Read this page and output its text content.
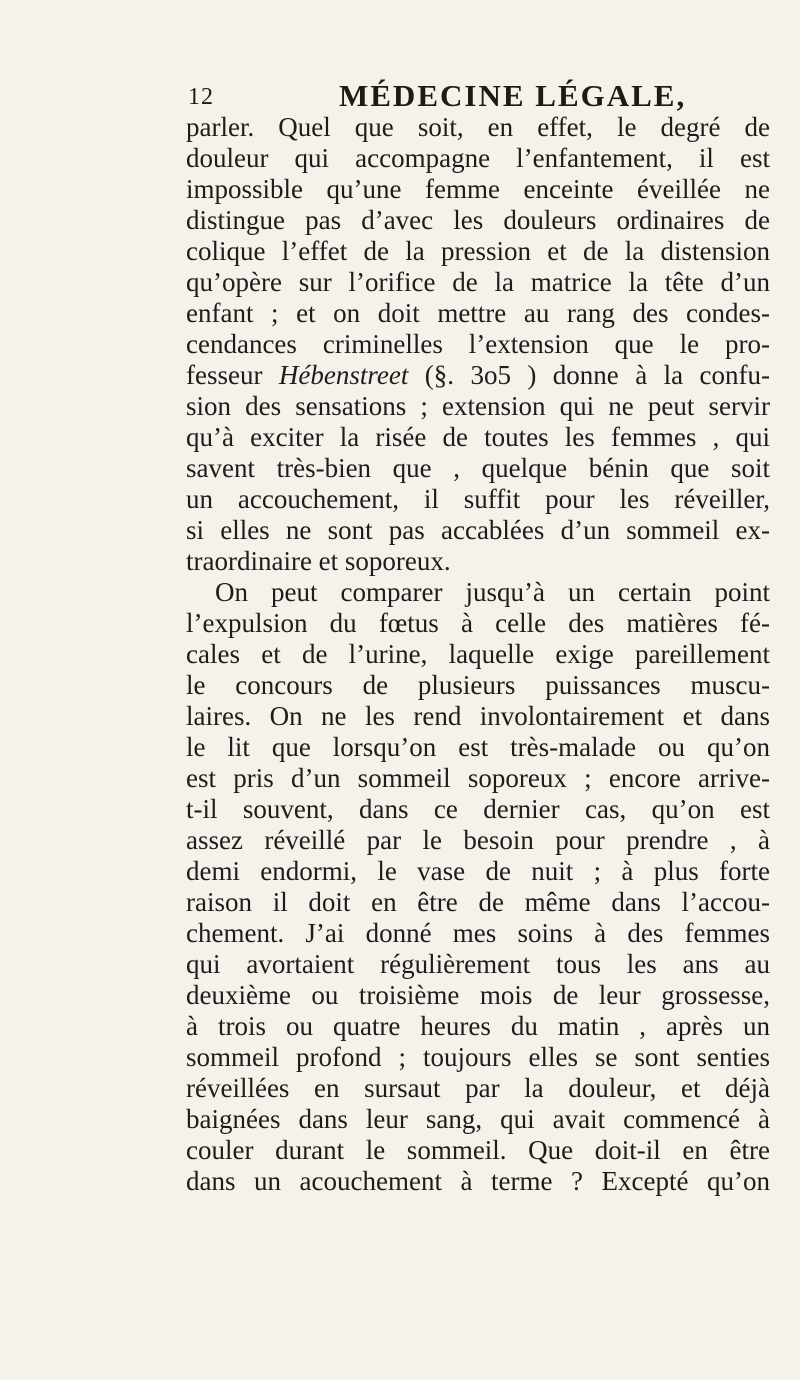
12	MÉDECINE LÉGALE,
parler. Quel que soit, en effet, le degré de
douleur qui accompagne l’enfantement, il est
impossible qu’une femme enceinte éveillée ne
distingue pas d’avec les douleurs ordinaires de
colique l’effet de la pression et de la distension
qu’opère sur l’orifice de la matrice la tête d’un
enfant ; et on doit mettre au rang des condes-
cendances criminelles l’extension que le pro-
fesseur Hébenstreet (§. 3o5 ) donne à la confu-
sion des sensations ; extension qui ne peut servir
qu’à exciter la risée de toutes les femmes , qui
savent très-bien que , quelque bénin que soit
un accouchement, il suffit pour les réveiller,
si elles ne sont pas accablées d’un sommeil ex-
traordinaire et soporeux.
On peut comparer jusqu’à un certain point
l’expulsion du fœtus à celle des matières fé-
cales et de l’urine, laquelle exige pareillement
le concours de plusieurs puissances muscu-
laires. On ne les rend involontairement et dans
le lit que lorsqu’on est très-malade ou qu’on
est pris d’un sommeil soporeux ; encore arrive-
t-il souvent, dans ce dernier cas, qu’on est
assez réveillé par le besoin pour prendre , à
demi endormi, le vase de nuit ; à plus forte
raison il doit en être de même dans l’accou-
chement. J’ai donné mes soins à des femmes
qui avortaient régulièrement tous les ans au
deuxième ou troisième mois de leur grossesse,
à trois ou quatre heures du matin , après un
sommeil profond ; toujours elles se sont senties
réveillées en sursaut par la douleur, et déjà
baignées dans leur sang, qui avait commencé à
couler durant le sommeil. Que doit-il en être
dans un acouchement à terme ? Excepté qu’on
